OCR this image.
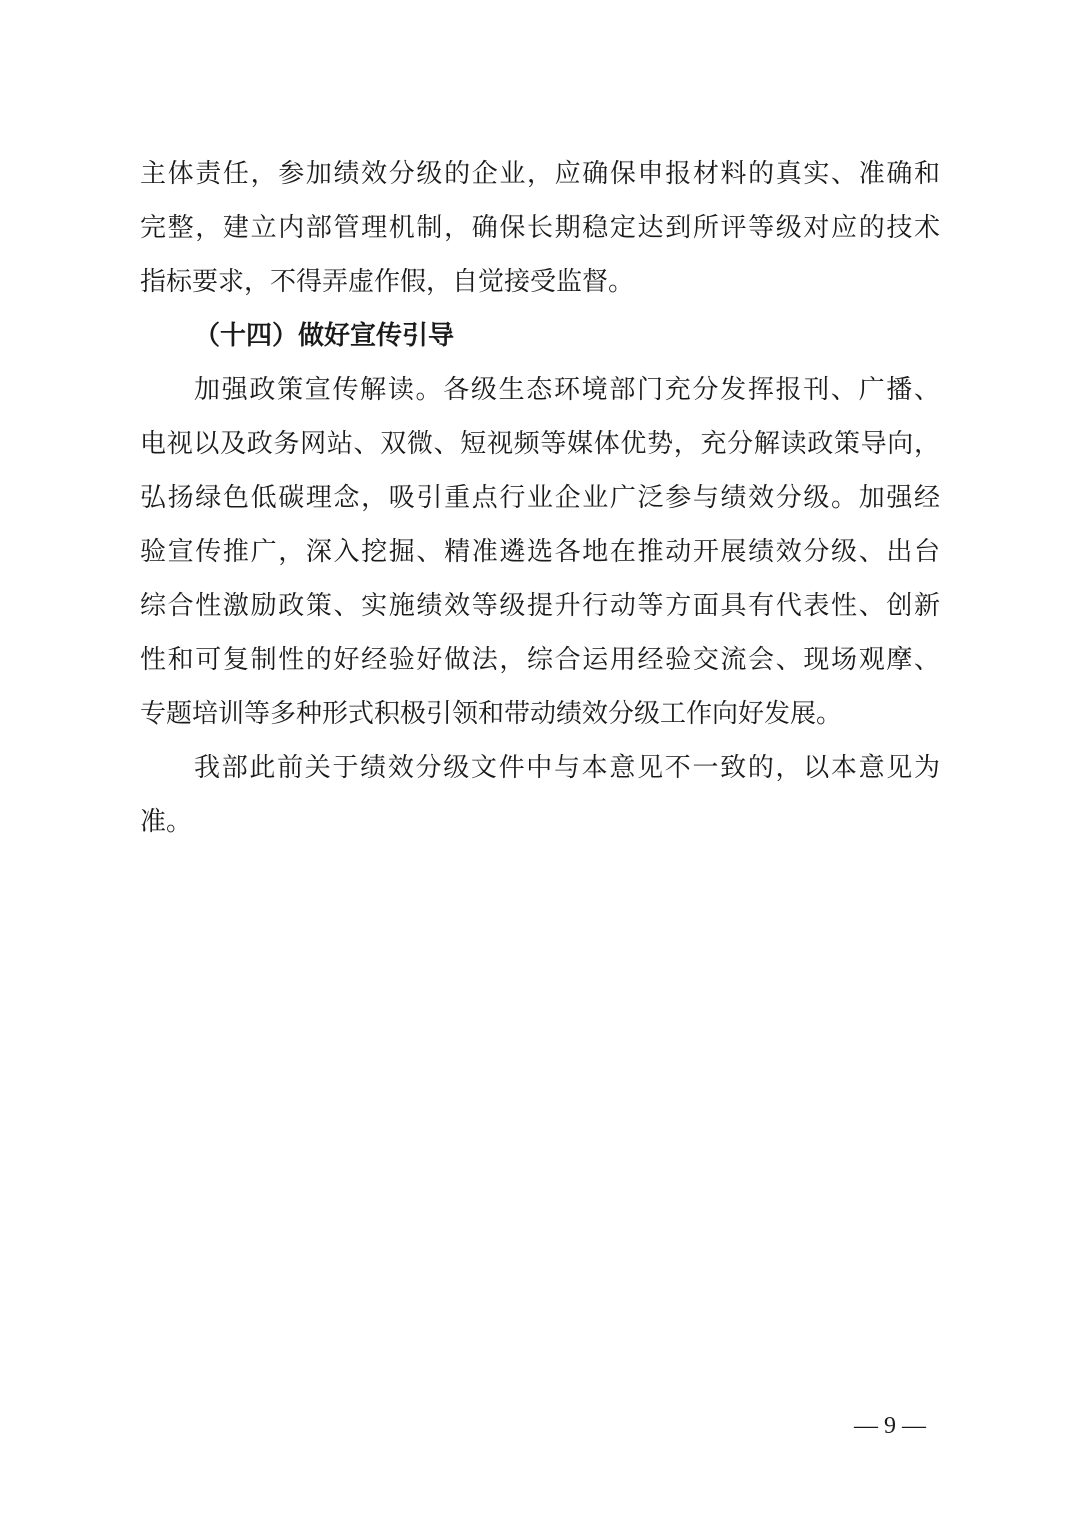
主体责任，参加绩效分级的企业，应确保申报材料的真实、准确和
完整，建立内部管理机制，确保长期稳定达到所评等级对应的技术
指标要求，不得弄虚作假，自觉接受监督。
（十四）做好宣传引导
加强政策宣传解读。各级生态环境部门充分发挥报刊、广播、
电视以及政务网站、双微、短视频等媒体优势，充分解读政策导向，
弘扬绿色低碳理念，吸引重点行业企业广泛参与绩效分级。加强经
验宣传推广，深入挖掘、精准遴选各地在推动开展绩效分级、出台
综合性激励政策、实施绩效等级提升行动等方面具有代表性、创新
性和可复制性的好经验好做法，综合运用经验交流会、现场观摩、
专题培训等多种形式积极引领和带动绩效分级工作向好发展。
我部此前关于绩效分级文件中与本意见不一致的，以本意见为
准。
— 9 —
